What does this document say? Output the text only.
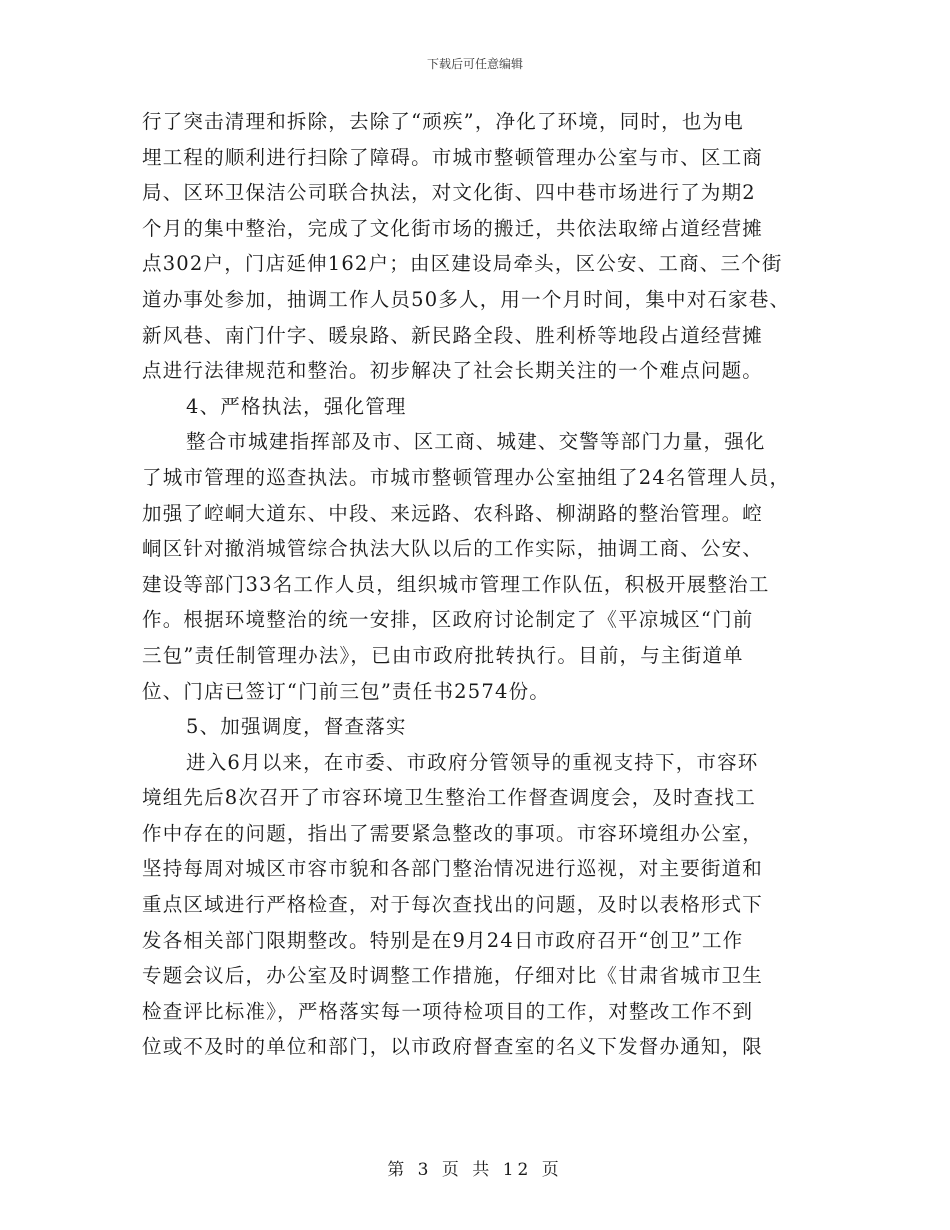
下载后可任意编辑
行了突击清理和拆除，去除了“顽疾”，净化了环境，同时，也为电
埋工程的顺利进行扫除了障碍。市城市整顿管理办公室与市、区工商
局、区环卫保洁公司联合执法，对文化街、四中巷市场进行了为期2
个月的集中整治，完成了文化街市场的搬迁，共依法取缔占道经营摊
点302户，门店延伸162户；由区建设局牵头，区公安、工商、三个街
道办事处参加，抽调工作人员50多人，用一个月时间，集中对石家巷、
新风巷、南门什字、暖泉路、新民路全段、胜利桥等地段占道经营摊
点进行法律规范和整治。初步解决了社会长期关注的一个难点问题。
4、严格执法，强化管理
整合市城建指挥部及市、区工商、城建、交警等部门力量，强化
了城市管理的巡查执法。市城市整顿管理办公室抽组了24名管理人员，
加强了崆峒大道东、中段、来远路、农科路、柳湖路的整治管理。崆
峒区针对撤消城管综合执法大队以后的工作实际，抽调工商、公安、
建设等部门33名工作人员，组织城市管理工作队伍，积极开展整治工
作。根据环境整治的统一安排，区政府讨论制定了《平凉城区“门前
三包”责任制管理办法》，已由市政府批转执行。目前，与主街道单
位、门店已签订“门前三包”责任书2574份。
5、加强调度，督查落实
进入6月以来，在市委、市政府分管领导的重视支持下，市容环
境组先后8次召开了市容环境卫生整治工作督查调度会，及时查找工
作中存在的问题，指出了需要紧急整改的事项。市容环境组办公室，
坚持每周对城区市容市貌和各部门整治情况进行巡视，对主要街道和
重点区域进行严格检查，对于每次查找出的问题，及时以表格形式下
发各相关部门限期整改。特别是在9月24日市政府召开“创卫”工作
专题会议后，办公室及时调整工作措施，仔细对比《甘肃省城市卫生
检查评比标准》，严格落实每一项待检项目的工作，对整改工作不到
位或不及时的单位和部门，以市政府督查室的名义下发督办通知，限
第 3 页 共 12 页
